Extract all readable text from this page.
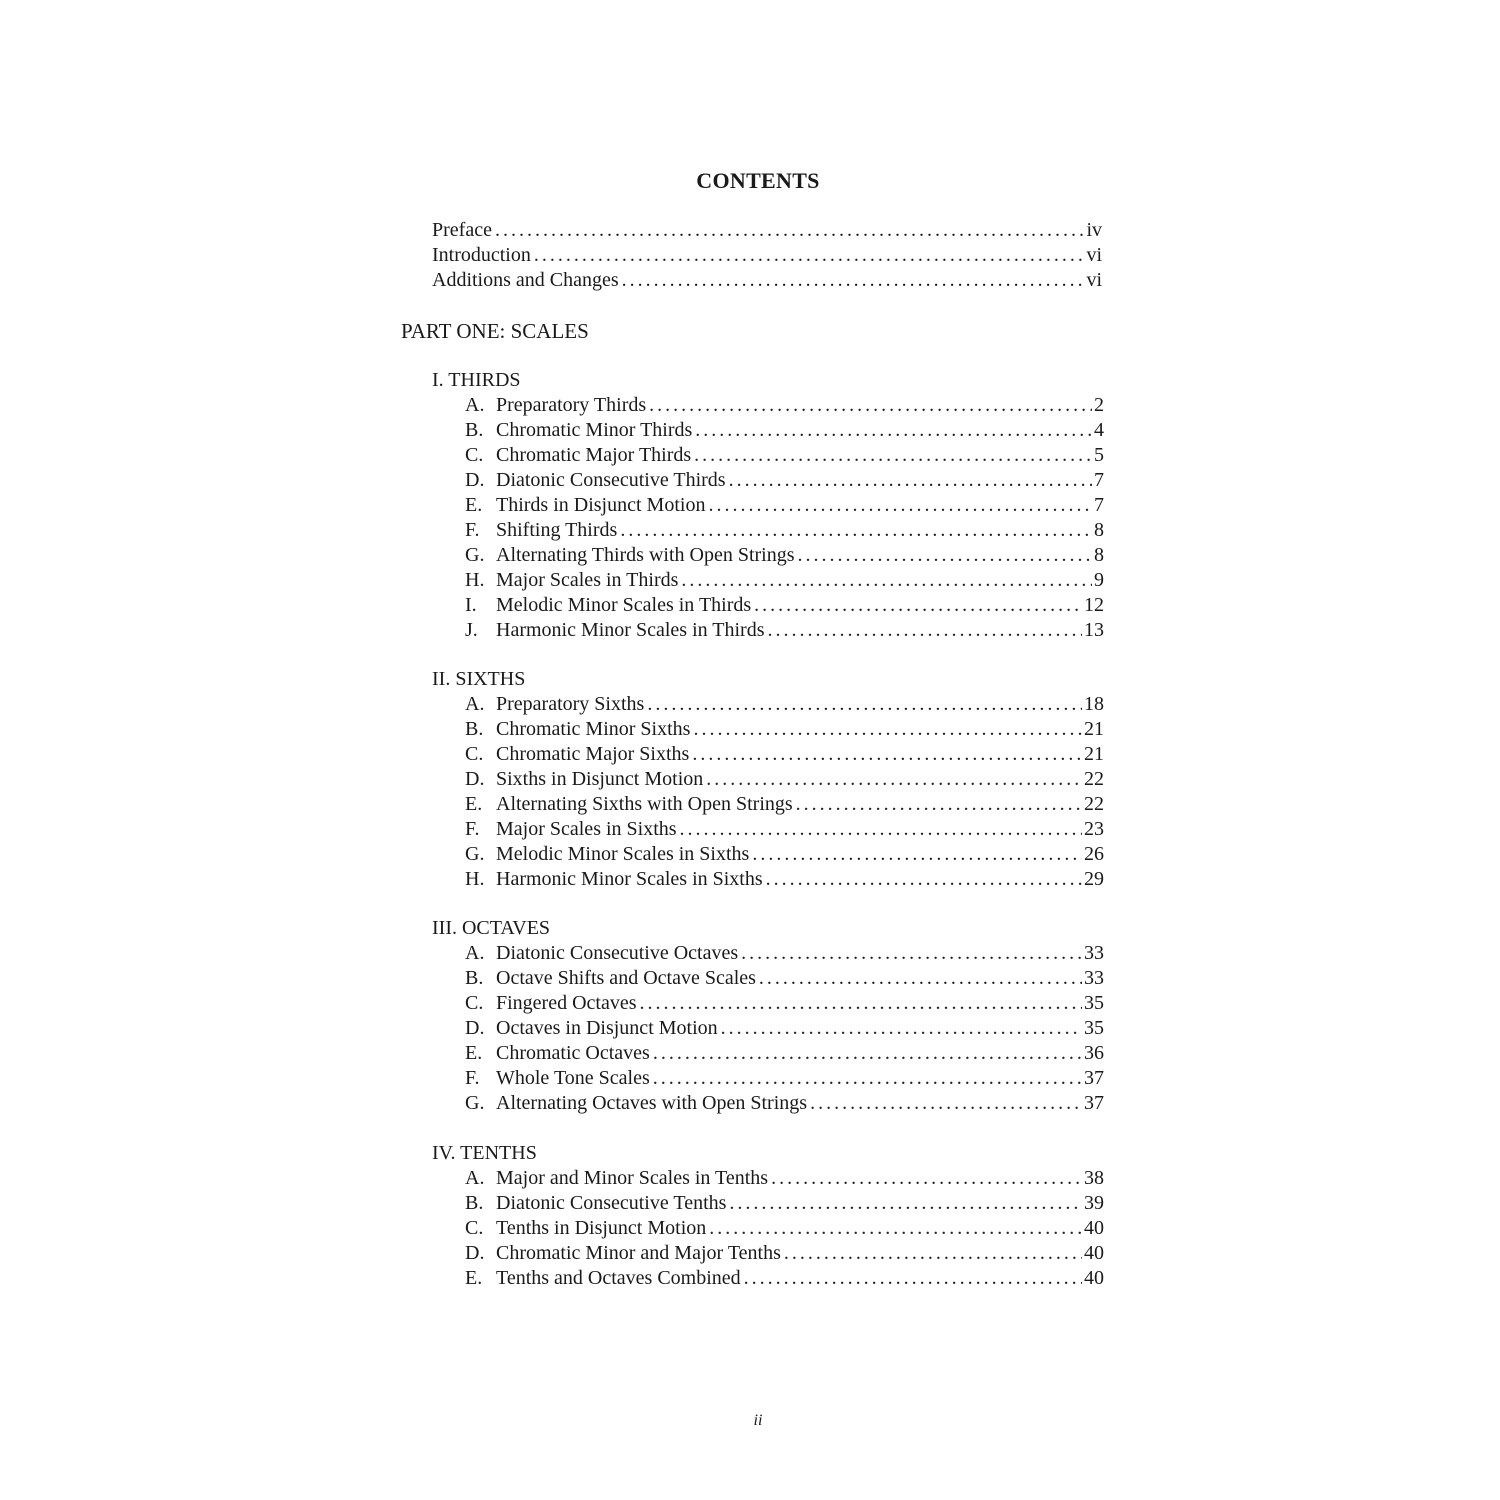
CONTENTS
Preface . . .	iv
Introduction . . .	vi
Additions and Changes . . .	vi
PART ONE: SCALES
I. THIRDS
A. Preparatory Thirds . . .	2
B. Chromatic Minor Thirds . . .	4
C. Chromatic Major Thirds . . .	5
D. Diatonic Consecutive Thirds . . .	7
E. Thirds in Disjunct Motion . . .	7
F. Shifting Thirds . . .	8
G. Alternating Thirds with Open Strings . . .	8
H. Major Scales in Thirds . . .	9
I. Melodic Minor Scales in Thirds . . .	12
J. Harmonic Minor Scales in Thirds . . .	13
II. SIXTHS
A. Preparatory Sixths . . .	18
B. Chromatic Minor Sixths . . .	21
C. Chromatic Major Sixths . . .	21
D. Sixths in Disjunct Motion . . .	22
E. Alternating Sixths with Open Strings . . .	22
F. Major Scales in Sixths . . .	23
G. Melodic Minor Scales in Sixths . . .	26
H. Harmonic Minor Scales in Sixths . . .	29
III. OCTAVES
A. Diatonic Consecutive Octaves . . .	33
B. Octave Shifts and Octave Scales . . .	33
C. Fingered Octaves . . .	35
D. Octaves in Disjunct Motion . . .	35
E. Chromatic Octaves . . .	36
F. Whole Tone Scales . . .	37
G. Alternating Octaves with Open Strings . . .	37
IV. TENTHS
A. Major and Minor Scales in Tenths . . .	38
B. Diatonic Consecutive Tenths . . .	39
C. Tenths in Disjunct Motion . . .	40
D. Chromatic Minor and Major Tenths . . .	40
E. Tenths and Octaves Combined . . .	40
ii
